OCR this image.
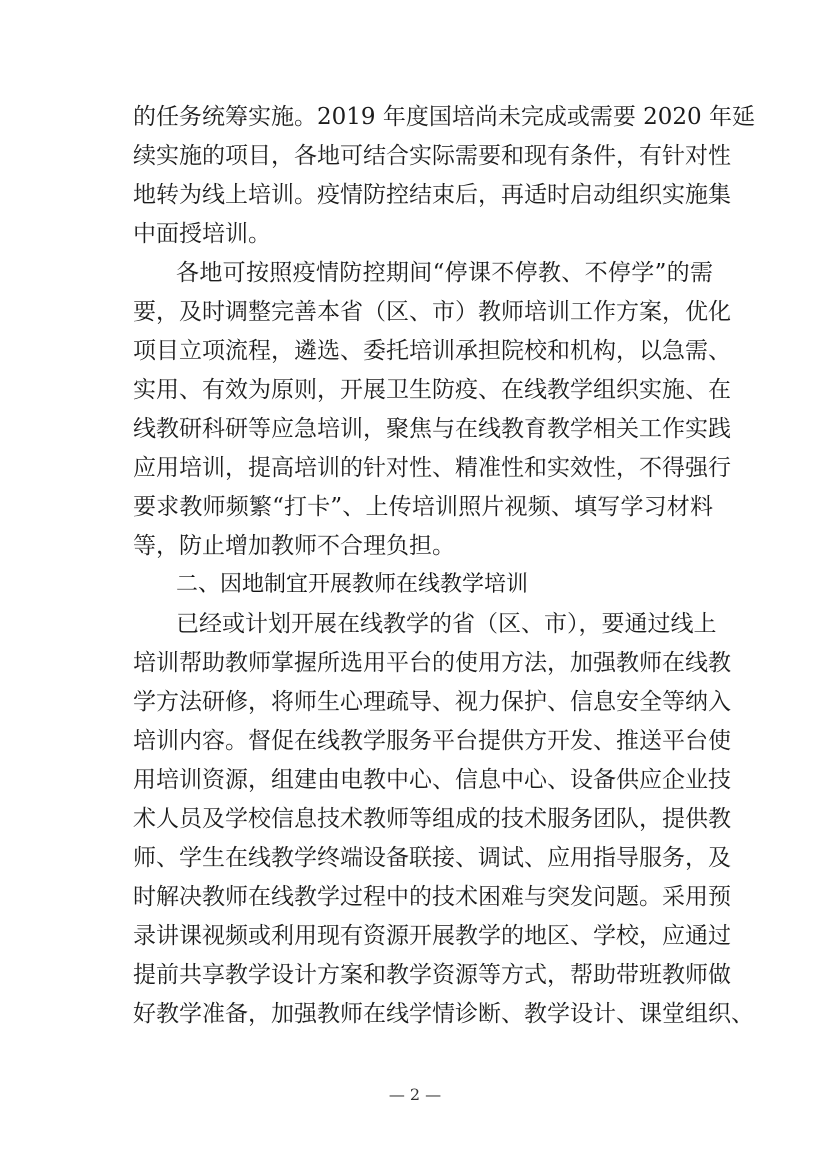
的任务统筹实施。2019 年度国培尚未完成或需要 2020 年延
续实施的项目，各地可结合实际需要和现有条件，有针对性
地转为线上培训。疫情防控结束后，再适时启动组织实施集
中面授培训。
各地可按照疫情防控期间“停课不停教、不停学”的需
要，及时调整完善本省（区、市）教师培训工作方案，优化
项目立项流程，遴选、委托培训承担院校和机构，以急需、
实用、有效为原则，开展卫生防疫、在线教学组织实施、在
线教研科研等应急培训，聚焦与在线教育教学相关工作实践
应用培训，提高培训的针对性、精准性和实效性，不得强行
要求教师频繁“打卡”、上传培训照片视频、填写学习材料
等，防止增加教师不合理负担。
二、因地制宜开展教师在线教学培训
已经或计划开展在线教学的省（区、市），要通过线上
培训帮助教师掌握所选用平台的使用方法，加强教师在线教
学方法研修，将师生心理疏导、视力保护、信息安全等纳入
培训内容。督促在线教学服务平台提供方开发、推送平台使
用培训资源，组建由电教中心、信息中心、设备供应企业技
术人员及学校信息技术教师等组成的技术服务团队，提供教
师、学生在线教学终端设备联接、调试、应用指导服务，及
时解决教师在线教学过程中的技术困难与突发问题。采用预
录讲课视频或利用现有资源开展教学的地区、学校，应通过
提前共享教学设计方案和教学资源等方式，帮助带班教师做
好教学准备，加强教师在线学情诊断、教学设计、课堂组织、
— 2 —
